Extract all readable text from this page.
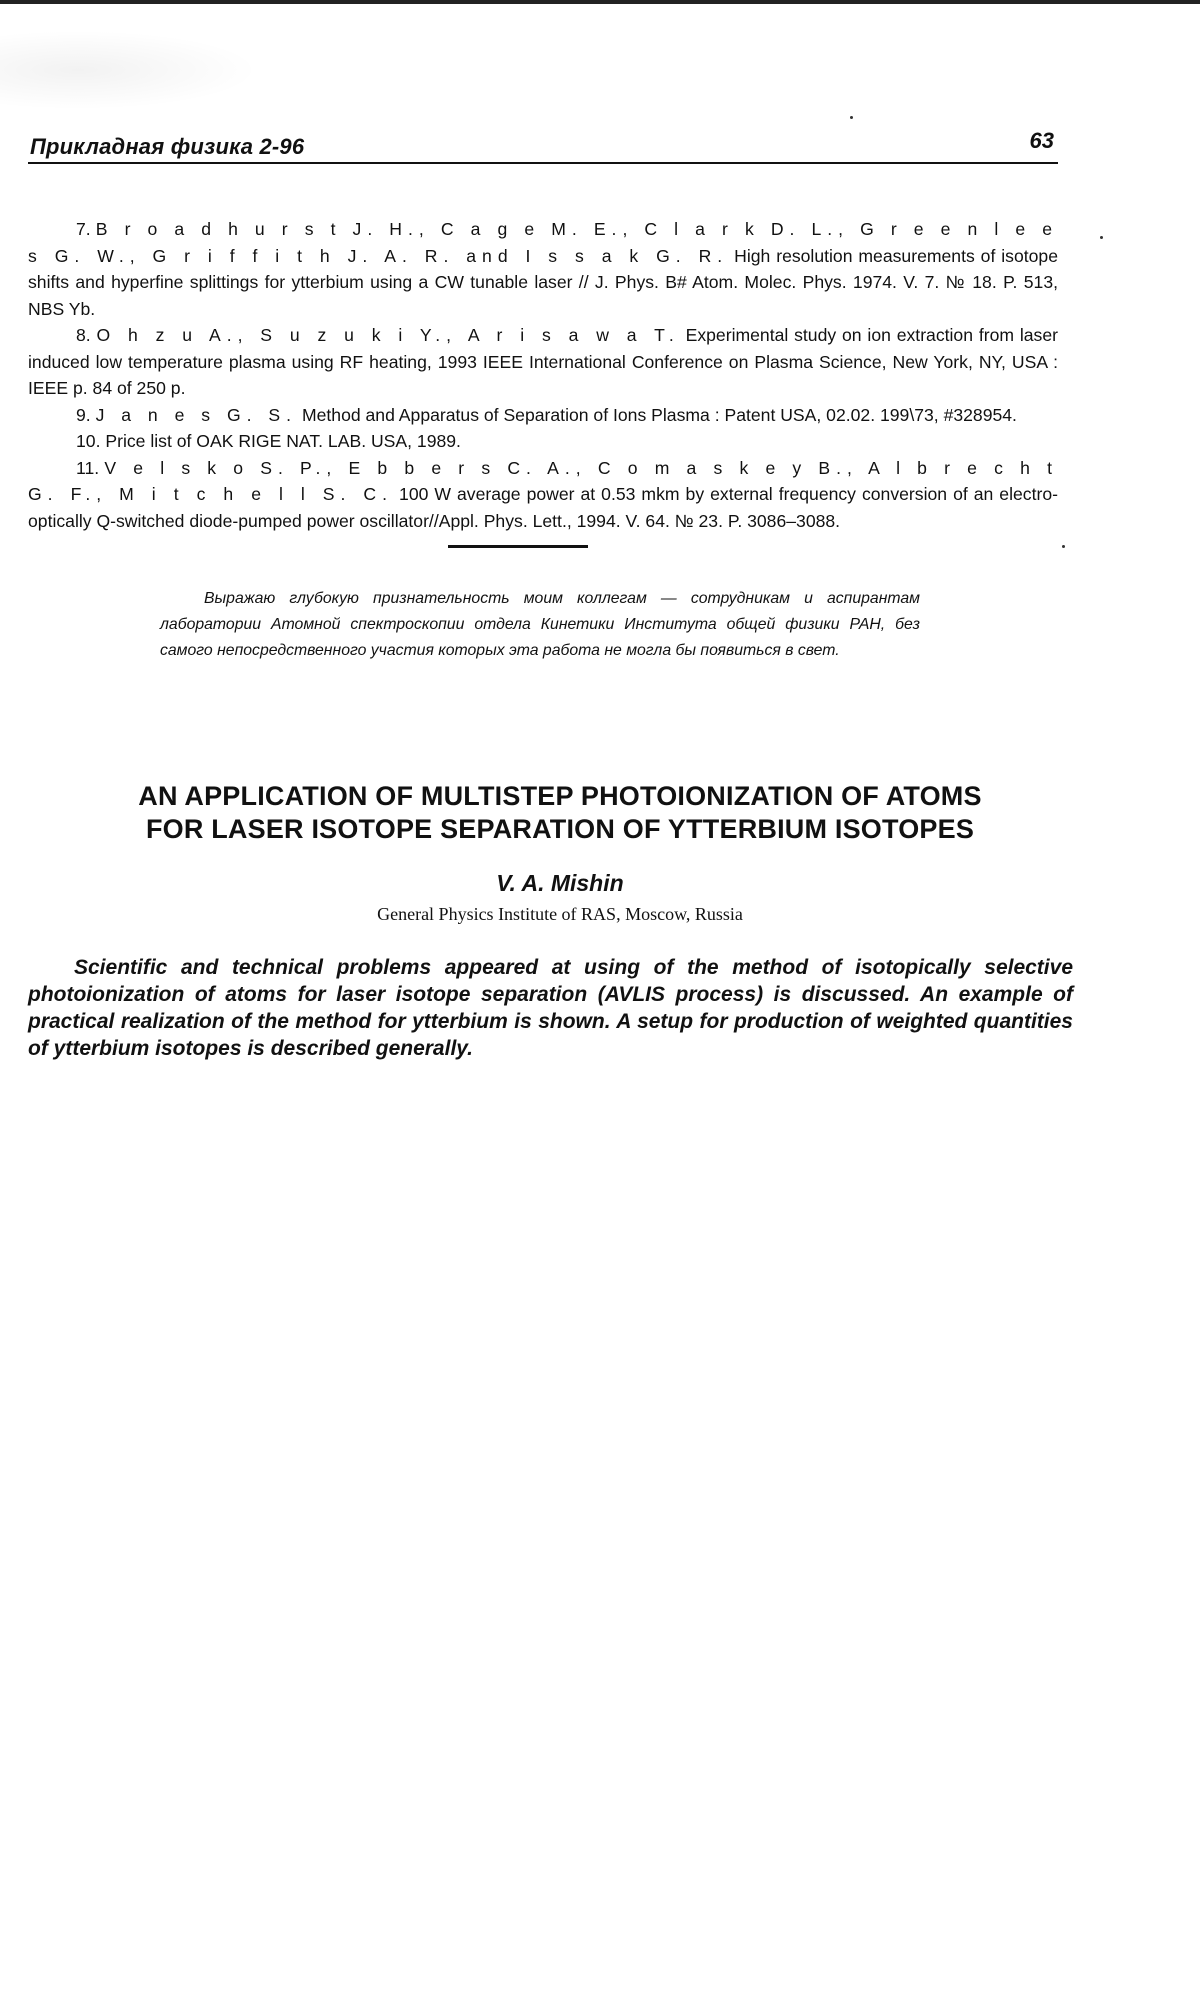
Прикладная физика 2-96	63
7. B r o a d h u r s t J. H., C a g e M. E., C l a r k D. L., G r e e n l e e s G. W., G r i f f i t h J. A. R. and I s s a k G. R. High resolution measurements of isotope shifts and hyperfine splittings for ytterbium using a CW tunable laser // J. Phys. B# Atom. Molec. Phys. 1974. V. 7. № 18. P. 513, NBS Yb.
8. O h z u A., S u z u k i Y., A r i s a w a T. Experimental study on ion extraction from laser induced low temperature plasma using RF heating, 1993 IEEE International Conference on Plasma Science, New York, NY, USA : IEEE p. 84 of 250 p.
9. J a n e s G. S. Method and Apparatus of Separation of Ions Plasma : Patent USA, 02.02. 199\73, #328954.
10. Price list of OAK RIGE NAT. LAB. USA, 1989.
11. V e l s k o S. P., E b b e r s C. A., C o m a s k e y B., A l b r e c h t G. F., M i t c h e l l S. C. 100 W average power at 0.53 mkm by external frequency conversion of an electro-optically Q-switched diode-pumped power oscillator//Appl. Phys. Lett., 1994. V. 64. № 23. P. 3086–3088.

Выражаю глубокую признательность моим коллегам — сотрудникам и аспирантам лаборатории Атомной спектроскопии отдела Кинетики Института общей физики РАН, без самого непосредственного участия которых эта работа не могла бы появиться в свет.

AN APPLICATION OF MULTISTEP PHOTOIONIZATION OF ATOMS
FOR LASER ISOTOPE SEPARATION OF YTTERBIUM ISOTOPES

V. A. Mishin

General Physics Institute of RAS, Moscow, Russia

Scientific and technical problems appeared at using of the method of isotopically selective photoionization of atoms for laser isotope separation (AVLIS process) is discussed. An example of practical realization of the method for ytterbium is shown. A setup for production of weighted quantities of ytterbium isotopes is described generally.
